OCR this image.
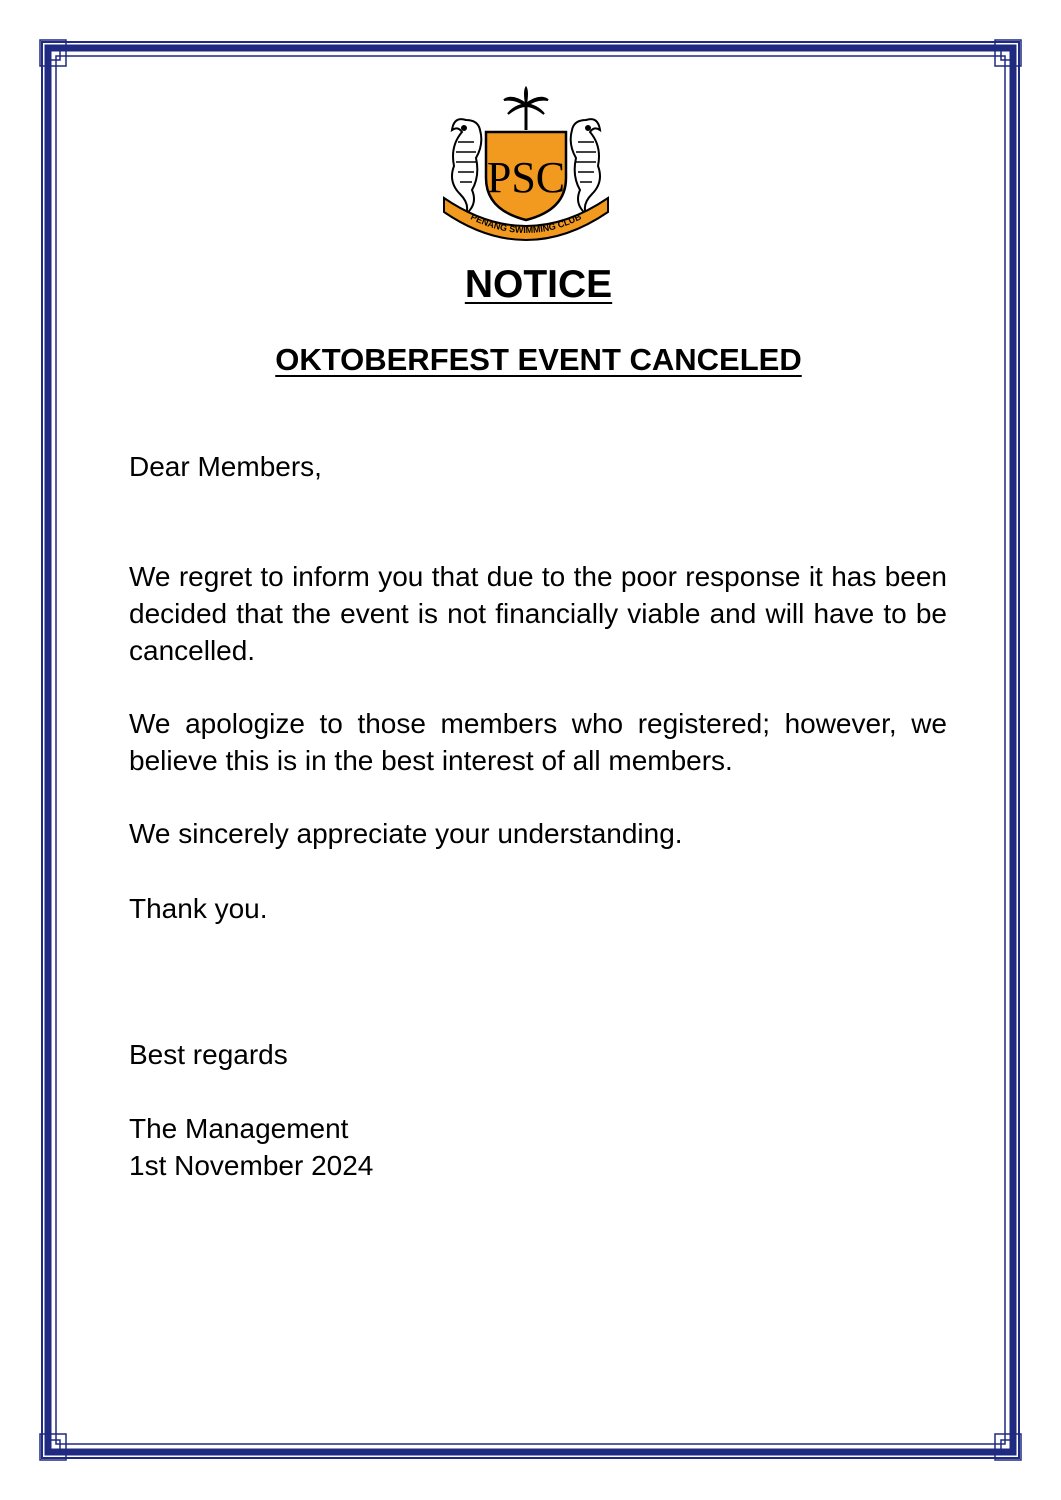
PSC
PENANG SWIMMING CLUB
NOTICE
OKTOBERFEST EVENT CANCELED
Dear Members,
We regret to inform you that due to the poor response it has been decided that the event is not financially viable and will have to be cancelled.
We apologize to those members who registered; however, we believe this is in the best interest of all members.
We sincerely appreciate your understanding.
Thank you.
Best regards
The Management
1st November 2024
